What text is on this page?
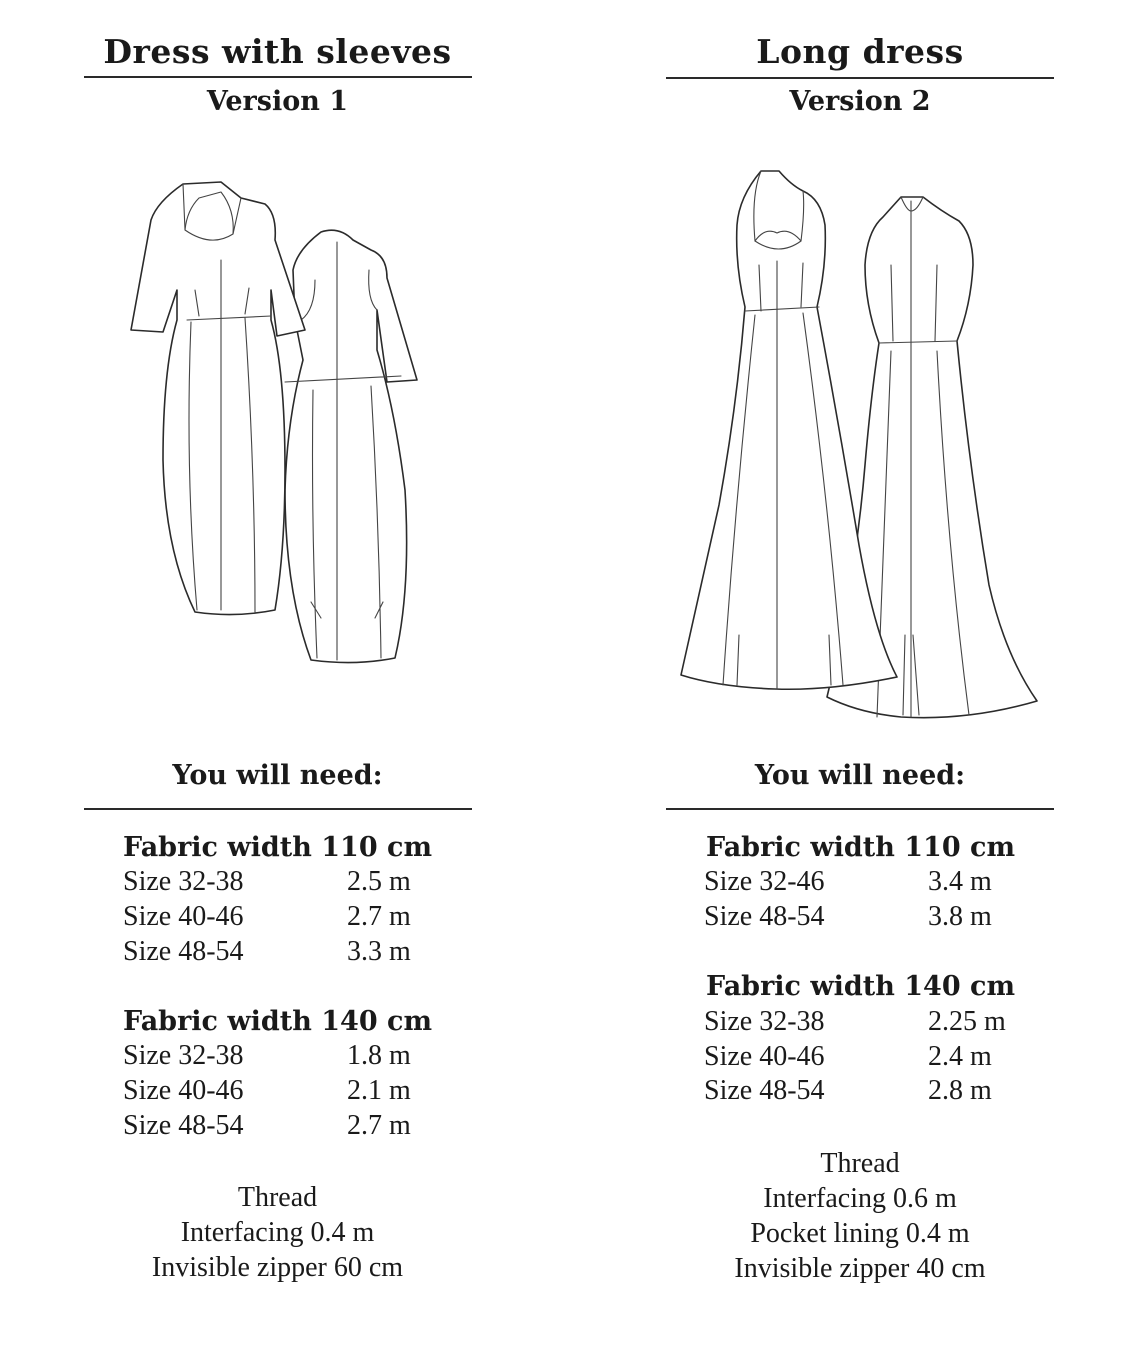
Dress with sleeves
Version 1
You will need:
Fabric width 110 cm
Size 32-38	2.5 m
Size 40-46	2.7 m
Size 48-54	3.3 m
Fabric width 140 cm
Size 32-38	1.8 m
Size 40-46	2.1 m
Size 48-54	2.7 m
Thread
Interfacing 0.4 m
Invisible zipper 60 cm
Long dress
Version 2
You will need:
Fabric width 110 cm
Size 32-46	3.4 m
Size 48-54	3.8 m
Fabric width 140 cm
Size 32-38	2.25 m
Size 40-46	2.4 m
Size 48-54	2.8 m
Thread
Interfacing 0.6 m
Pocket lining 0.4 m
Invisible zipper 40 cm
